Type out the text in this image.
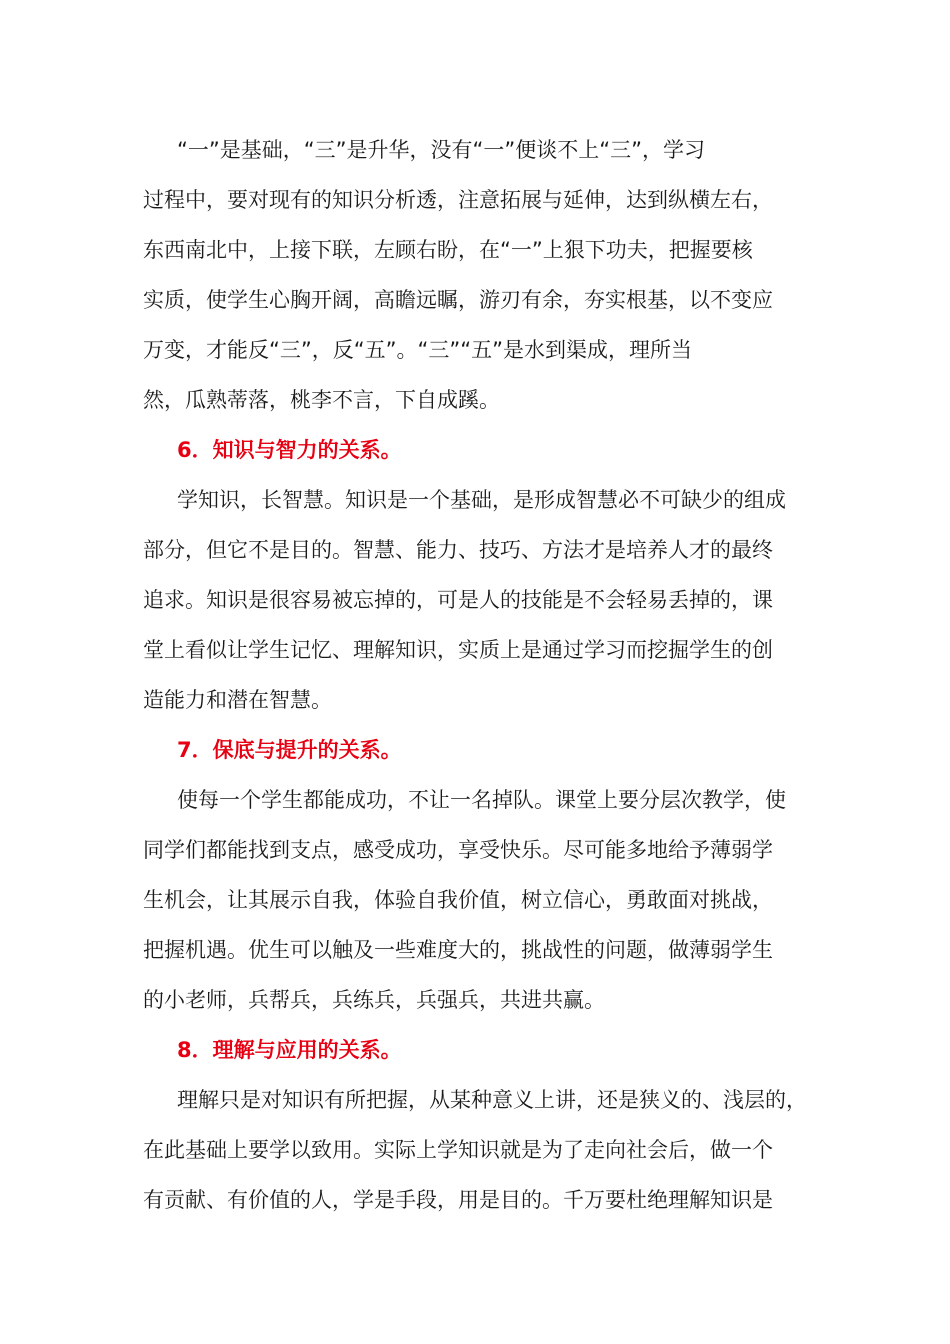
“一”是基础，“三”是升华，没有“一”便谈不上“三”，学习
过程中，要对现有的知识分析透，注意拓展与延伸，达到纵横左右，
东西南北中，上接下联，左顾右盼，在“一”上狠下功夫，把握要核
实质，使学生心胸开阔，高瞻远瞩，游刃有余，夯实根基，以不变应
万变，才能反“三”，反“五”。“三”“五”是水到渠成，理所当
然，瓜熟蒂落，桃李不言，下自成蹊。
6．知识与智力的关系。
学知识，长智慧。知识是一个基础，是形成智慧必不可缺少的组成
部分，但它不是目的。智慧、能力、技巧、方法才是培养人才的最终
追求。知识是很容易被忘掉的，可是人的技能是不会轻易丢掉的，课
堂上看似让学生记忆、理解知识，实质上是通过学习而挖掘学生的创
造能力和潜在智慧。
7．保底与提升的关系。
使每一个学生都能成功，不让一名掉队。课堂上要分层次教学，使
同学们都能找到支点，感受成功，享受快乐。尽可能多地给予薄弱学
生机会，让其展示自我，体验自我价值，树立信心，勇敢面对挑战，
把握机遇。优生可以触及一些难度大的，挑战性的问题，做薄弱学生
的小老师，兵帮兵，兵练兵，兵强兵，共进共赢。
8．理解与应用的关系。
理解只是对知识有所把握，从某种意义上讲，还是狭义的、浅层的，
在此基础上要学以致用。实际上学知识就是为了走向社会后，做一个
有贡献、有价值的人，学是手段，用是目的。千万要杜绝理解知识是
